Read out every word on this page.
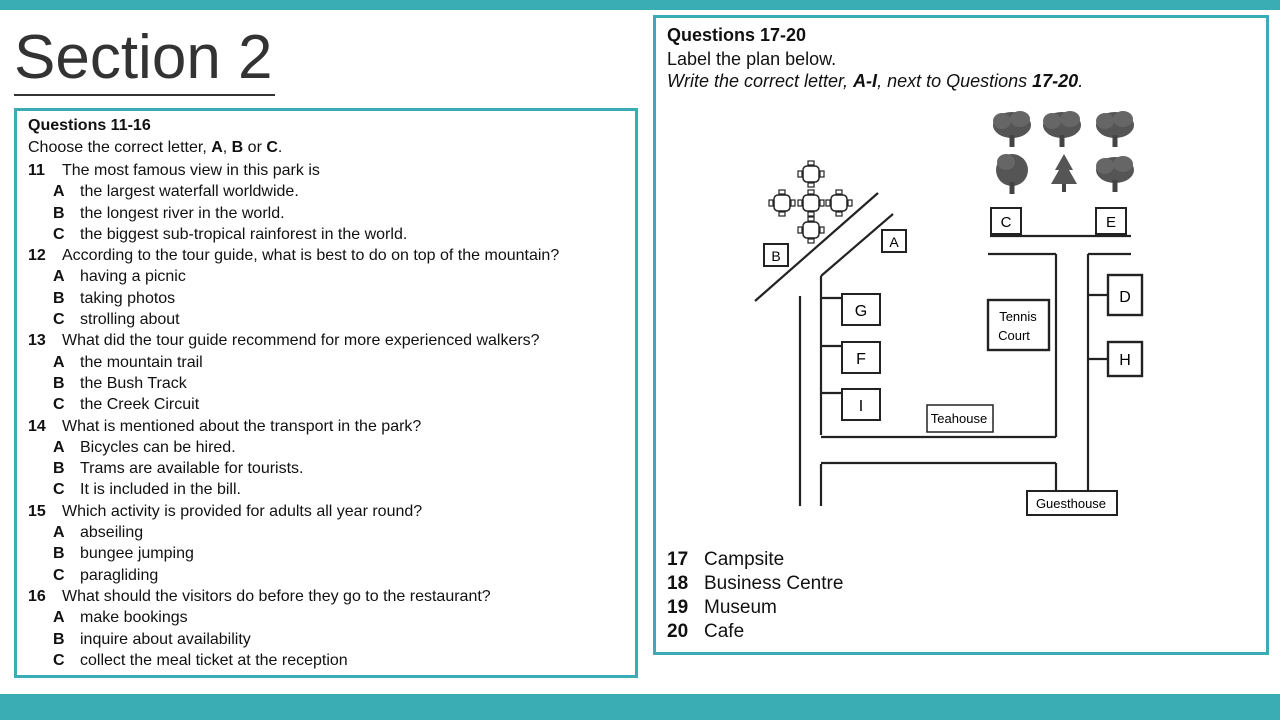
Section 2
Questions 11-16
Choose the correct letter, A, B or C.
11 The most famous view in this park is
A the largest waterfall worldwide.
B the longest river in the world.
C the biggest sub-tropical rainforest in the world.
12 According to the tour guide, what is best to do on top of the mountain?
A having a picnic
B taking photos
C strolling about
13 What did the tour guide recommend for more experienced walkers?
A the mountain trail
B the Bush Track
C the Creek Circuit
14 What is mentioned about the transport in the park?
A Bicycles can be hired.
B Trams are available for tourists.
C It is included in the bill.
15 Which activity is provided for adults all year round?
A abseiling
B bungee jumping
C paragliding
16 What should the visitors do before they go to the restaurant?
A make bookings
B inquire about availability
C collect the meal ticket at the reception
Questions 17-20
Label the plan below.
Write the correct letter, A-I, next to Questions 17-20.
A
B
C	E
D
H
G
F
I
Tennis
Court
Teahouse
Guesthouse
17 Campsite
18 Business Centre
19 Museum
20 Cafe
